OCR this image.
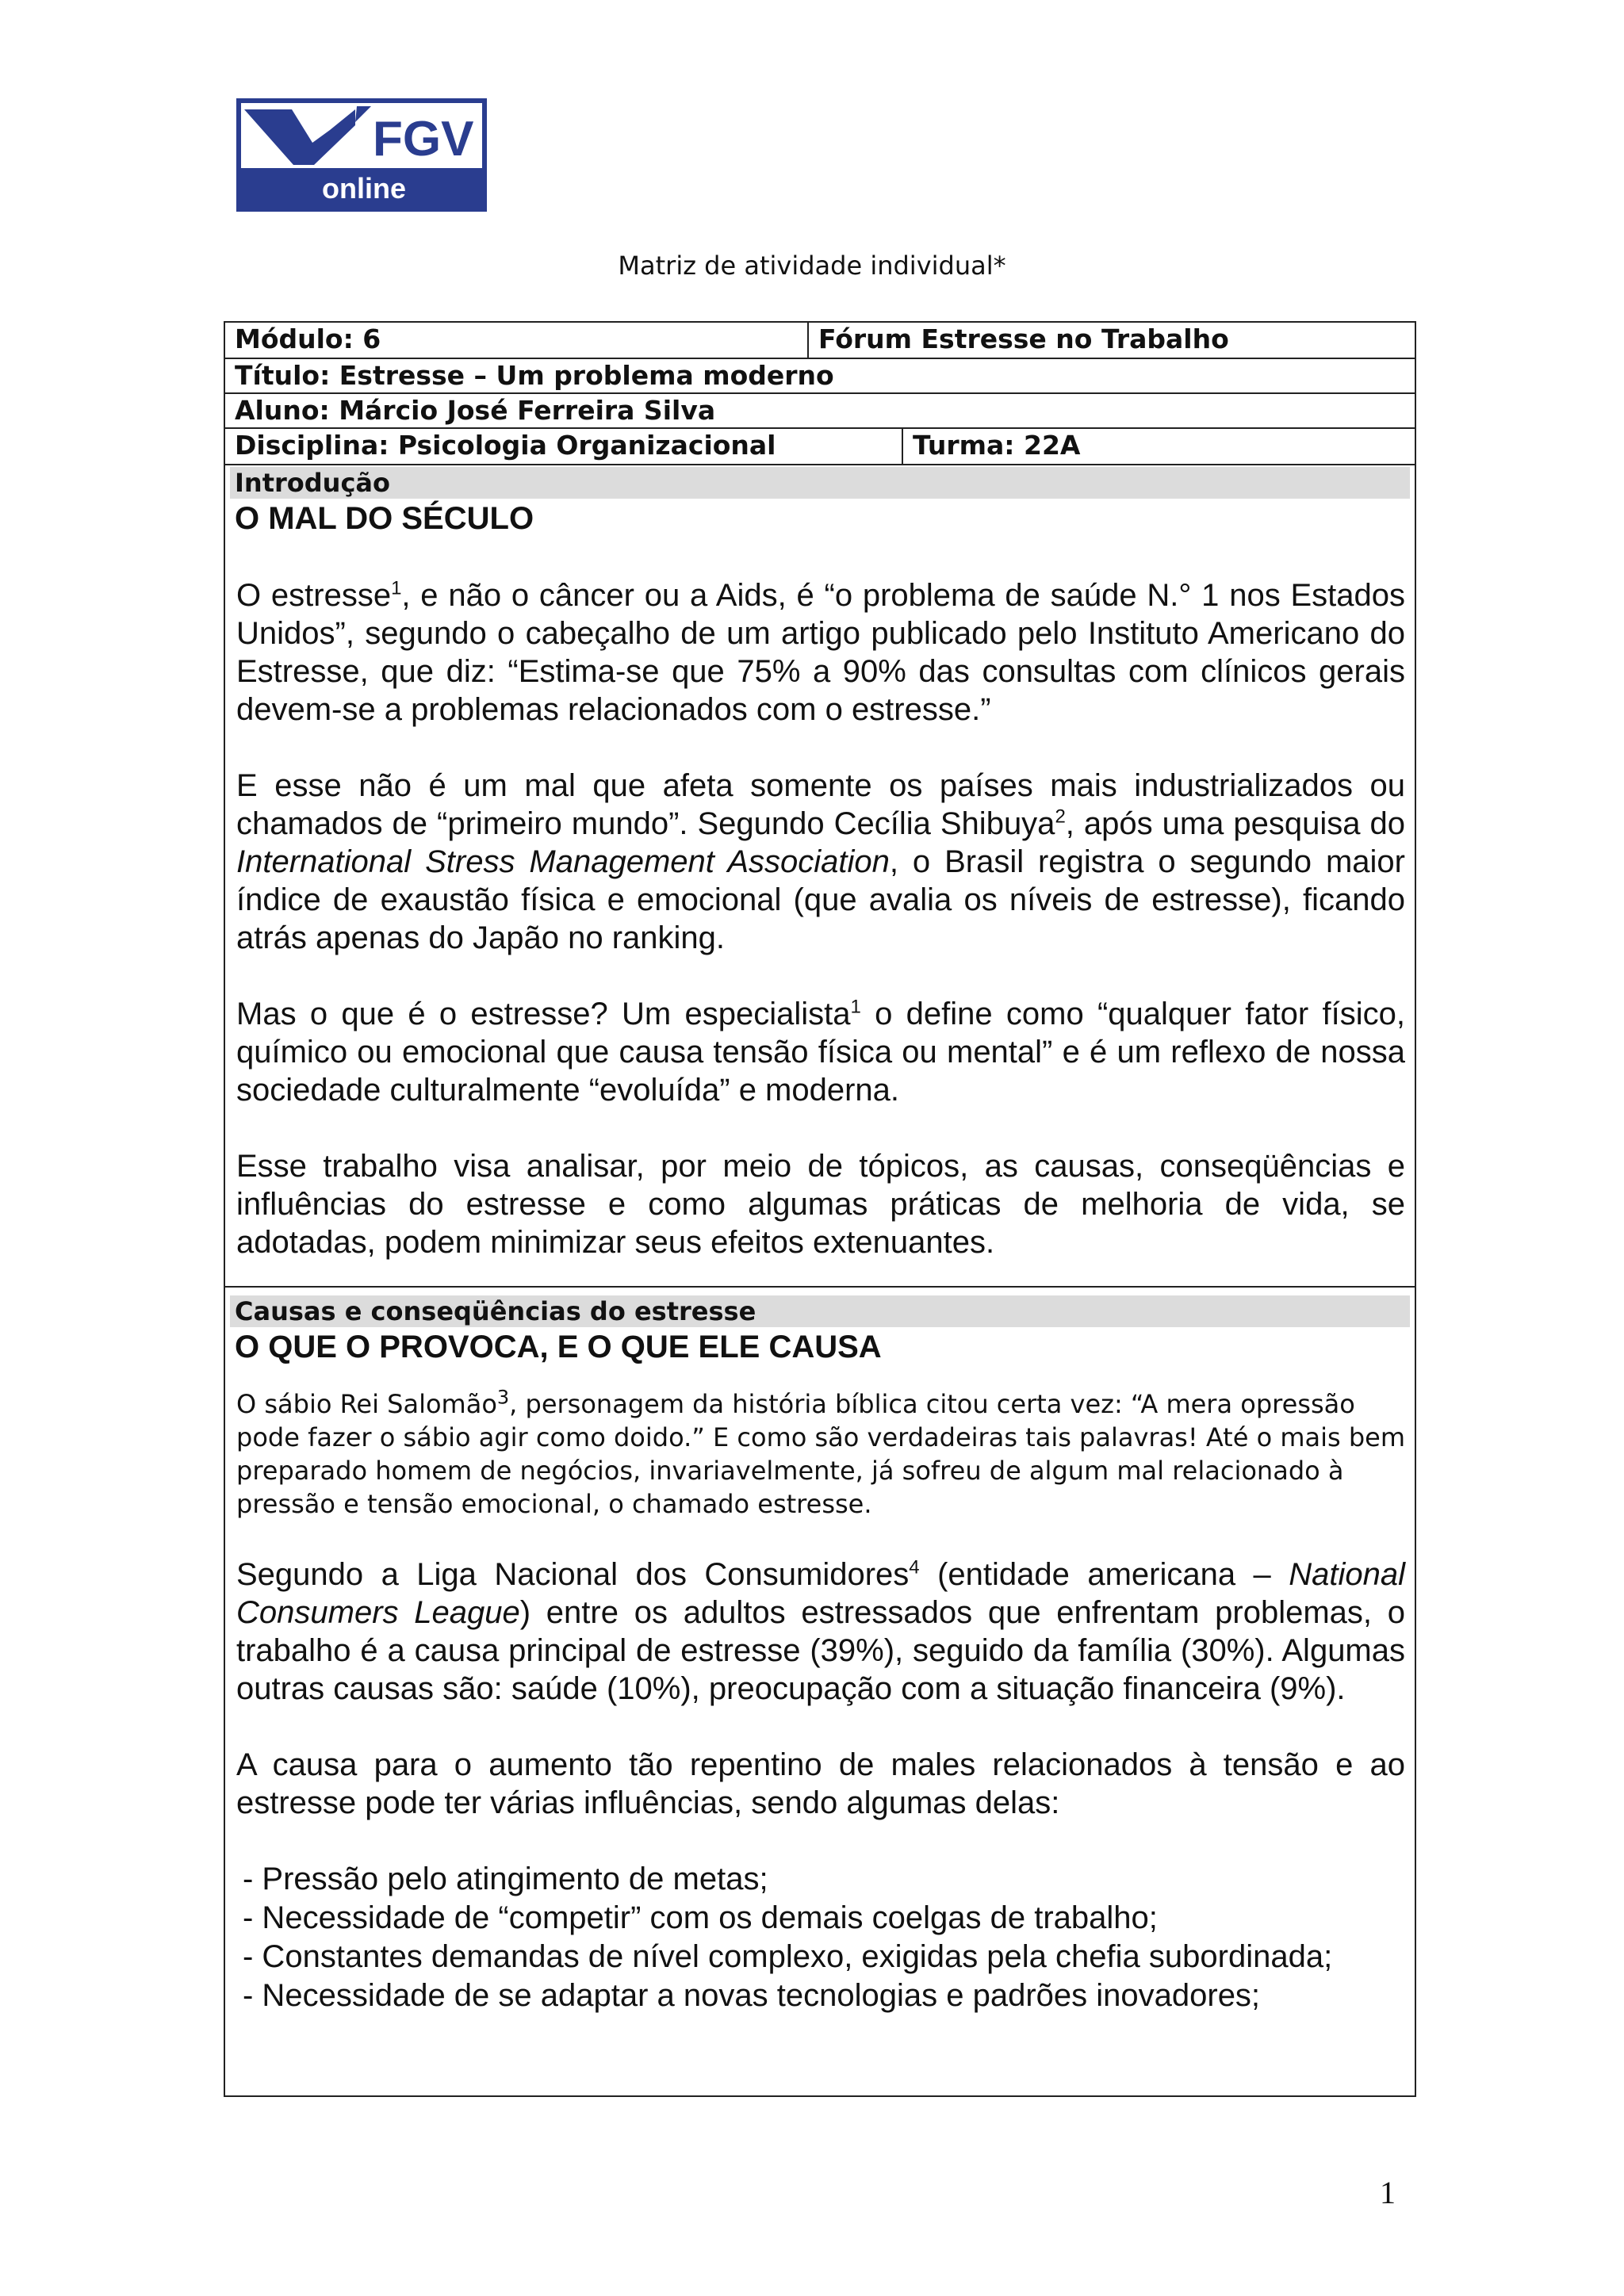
FGV
online
Matriz de atividade individual*
Módulo: 6	Fórum Estresse no Trabalho
Título: Estresse – Um problema moderno
Aluno: Márcio José Ferreira Silva
Disciplina: Psicologia Organizacional	Turma: 22A
Introdução
O MAL DO SÉCULO

O estresse$^1$, e não o câncer ou a Aids, é “o problema de saúde N.° 1 nos Estados Unidos”, segundo o cabeçalho de um artigo publicado pelo Instituto Americano do Estresse, que diz: “Estima-se que 75% a 90% das consultas com clínicos gerais devem-se a problemas relacionados com o estresse.”

E esse não é um mal que afeta somente os países mais industrializados ou chamados de “primeiro mundo”. Segundo Cecília Shibuya$^2$, após uma pesquisa do International Stress Management Association, o Brasil registra o segundo maior índice de exaustão física e emocional (que avalia os níveis de estresse), ficando atrás apenas do Japão no ranking.

Mas o que é o estresse? Um especialista$^1$ o define como “qualquer fator físico, químico ou emocional que causa tensão física ou mental” e é um reflexo de nossa sociedade culturalmente “evoluída” e moderna.

Esse trabalho visa analisar, por meio de tópicos, as causas, conseqüências e influências do estresse e como algumas práticas de melhoria de vida, se adotadas, podem minimizar seus efeitos extenuantes.

Causas e conseqüências do estresse
O QUE O PROVOCA, E O QUE ELE CAUSA

O sábio Rei Salomão$^3$, personagem da história bíblica citou certa vez: “A mera opressão pode fazer o sábio agir como doido.” E como são verdadeiras tais palavras! Até o mais bem preparado homem de negócios, invariavelmente, já sofreu de algum mal relacionado à pressão e tensão emocional, o chamado estresse.

Segundo a Liga Nacional dos Consumidores$^4$ (entidade americana – National Consumers League) entre os adultos estressados que enfrentam problemas, o trabalho é a causa principal de estresse (39%), seguido da família (30%). Algumas outras causas são: saúde (10%), preocupação com a situação financeira (9%).

A causa para o aumento tão repentino de males relacionados à tensão e ao estresse pode ter várias influências, sendo algumas delas:

- Pressão pelo atingimento de metas;
- Necessidade de “competir” com os demais coelgas de trabalho;
- Constantes demandas de nível complexo, exigidas pela chefia subordinada;
- Necessidade de se adaptar a novas tecnologias e padrões inovadores;
1
